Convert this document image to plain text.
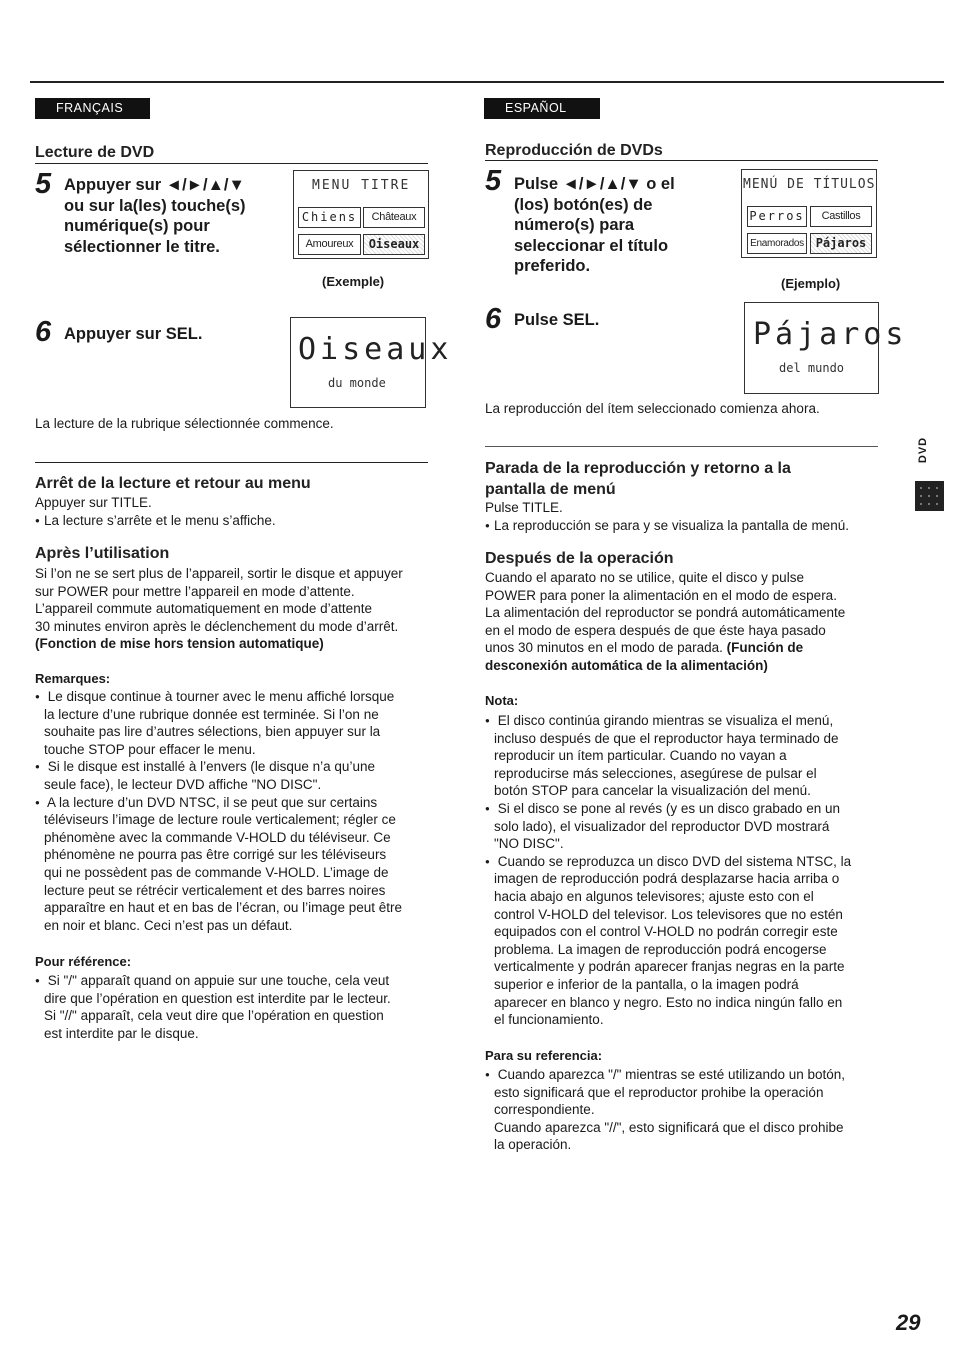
FRANÇAIS
Lecture de DVD
5 Appuyer sur ◄/►/▲/▼
ou sur la(les) touche(s)
numérique(s) pour
sélectionner le titre.
MENU TITRE
Chiens	Châteaux
Amoureux	Oiseaux
(Exemple)
6 Appuyer sur SEL.	Oiseaux
du monde
La lecture de la rubrique sélectionnée commence.
Arrêt de la lecture et retour au menu
Appuyer sur TITLE.
● La lecture s’arrête et le menu s’affiche.
Après l’utilisation
Si l’on ne se sert plus de l’appareil, sortir le disque et appuyer
sur POWER pour mettre l’appareil en mode d’attente.
L’appareil commute automatiquement en mode d’attente
30 minutes environ après le déclenchement du mode d’arrêt.
(Fonction de mise hors tension automatique)
Remarques:
● Le disque continue à tourner avec le menu affiché lorsque
la lecture d’une rubrique donnée est terminée. Si l’on ne
souhaite pas lire d’autres sélections, bien appuyer sur la
touche STOP pour effacer le menu.
● Si le disque est installé à l’envers (le disque n’a qu’une
seule face), le lecteur DVD affiche "NO DISC".
● A la lecture d’un DVD NTSC, il se peut que sur certains
téléviseurs l’image de lecture roule verticalement; régler ce
phénomène avec la commande V-HOLD du téléviseur. Ce
phénomène ne pourra pas être corrigé sur les téléviseurs
qui ne possèdent pas de commande V-HOLD. L’image de
lecture peut se rétrécir verticalement et des barres noires
apparaître en haut et en bas de l’écran, ou l’image peut être
en noir et blanc. Ceci n’est pas un défaut.
Pour référence:
● Si "/" apparaît quand on appuie sur une touche, cela veut
dire que l’opération en question est interdite par le lecteur.
Si "//" apparaît, cela veut dire que l’opération en question
est interdite par le disque.
ESPAÑOL
Reproducción de DVDs
5 Pulse ◄/►/▲/▼ o el
(los) botón(es) de
número(s) para
seleccionar el título
preferido.
MENÚ DE TÍTULOS
Perros	Castillos
Enamorados Pájaros
(Ejemplo)
6 Pulse SEL.	Pájaros
del mundo
La reproducción del ítem seleccionado comienza ahora.
Parada de la reproducción y retorno a la
pantalla de menú
Pulse TITLE.
● La reproducción se para y se visualiza la pantalla de menú.
Después de la operación
Cuando el aparato no se utilice, quite el disco y pulse
POWER para poner la alimentación en el modo de espera.
La alimentación del reproductor se pondrá automáticamente
en el modo de espera después de que éste haya pasado
unos 30 minutos en el modo de parada. (Función de
desconexión automática de la alimentación)
Nota:
● El disco continúa girando mientras se visualiza el menú,
incluso después de que el reproductor haya terminado de
reproducir un ítem particular. Cuando no vayan a
reproducirse más selecciones, asegúrese de pulsar el
botón STOP para cancelar la visualización del menú.
● Si el disco se pone al revés (y es un disco grabado en un
solo lado), el visualizador del reproductor DVD mostrará
"NO DISC".
● Cuando se reproduzca un disco DVD del sistema NTSC, la
imagen de reproducción podrá desplazarse hacia arriba o
hacia abajo en algunos televisores; ajuste esto con el
control V-HOLD del televisor. Los televisores que no estén
equipados con el control V-HOLD no podrán corregir este
problema. La imagen de reproducción podrá encogerse
verticalmente y podrán aparecer franjas negras en la parte
superior e inferior de la pantalla, o la imagen podrá
aparecer en blanco y negro. Esto no indica ningún fallo en
el funcionamiento.
Para su referencia:
● Cuando aparezca "/" mientras se esté utilizando un botón,
esto significará que el reproductor prohibe la operación
correspondiente.
Cuando aparezca "//", esto significará que el disco prohibe
la operación.
DVD
29
